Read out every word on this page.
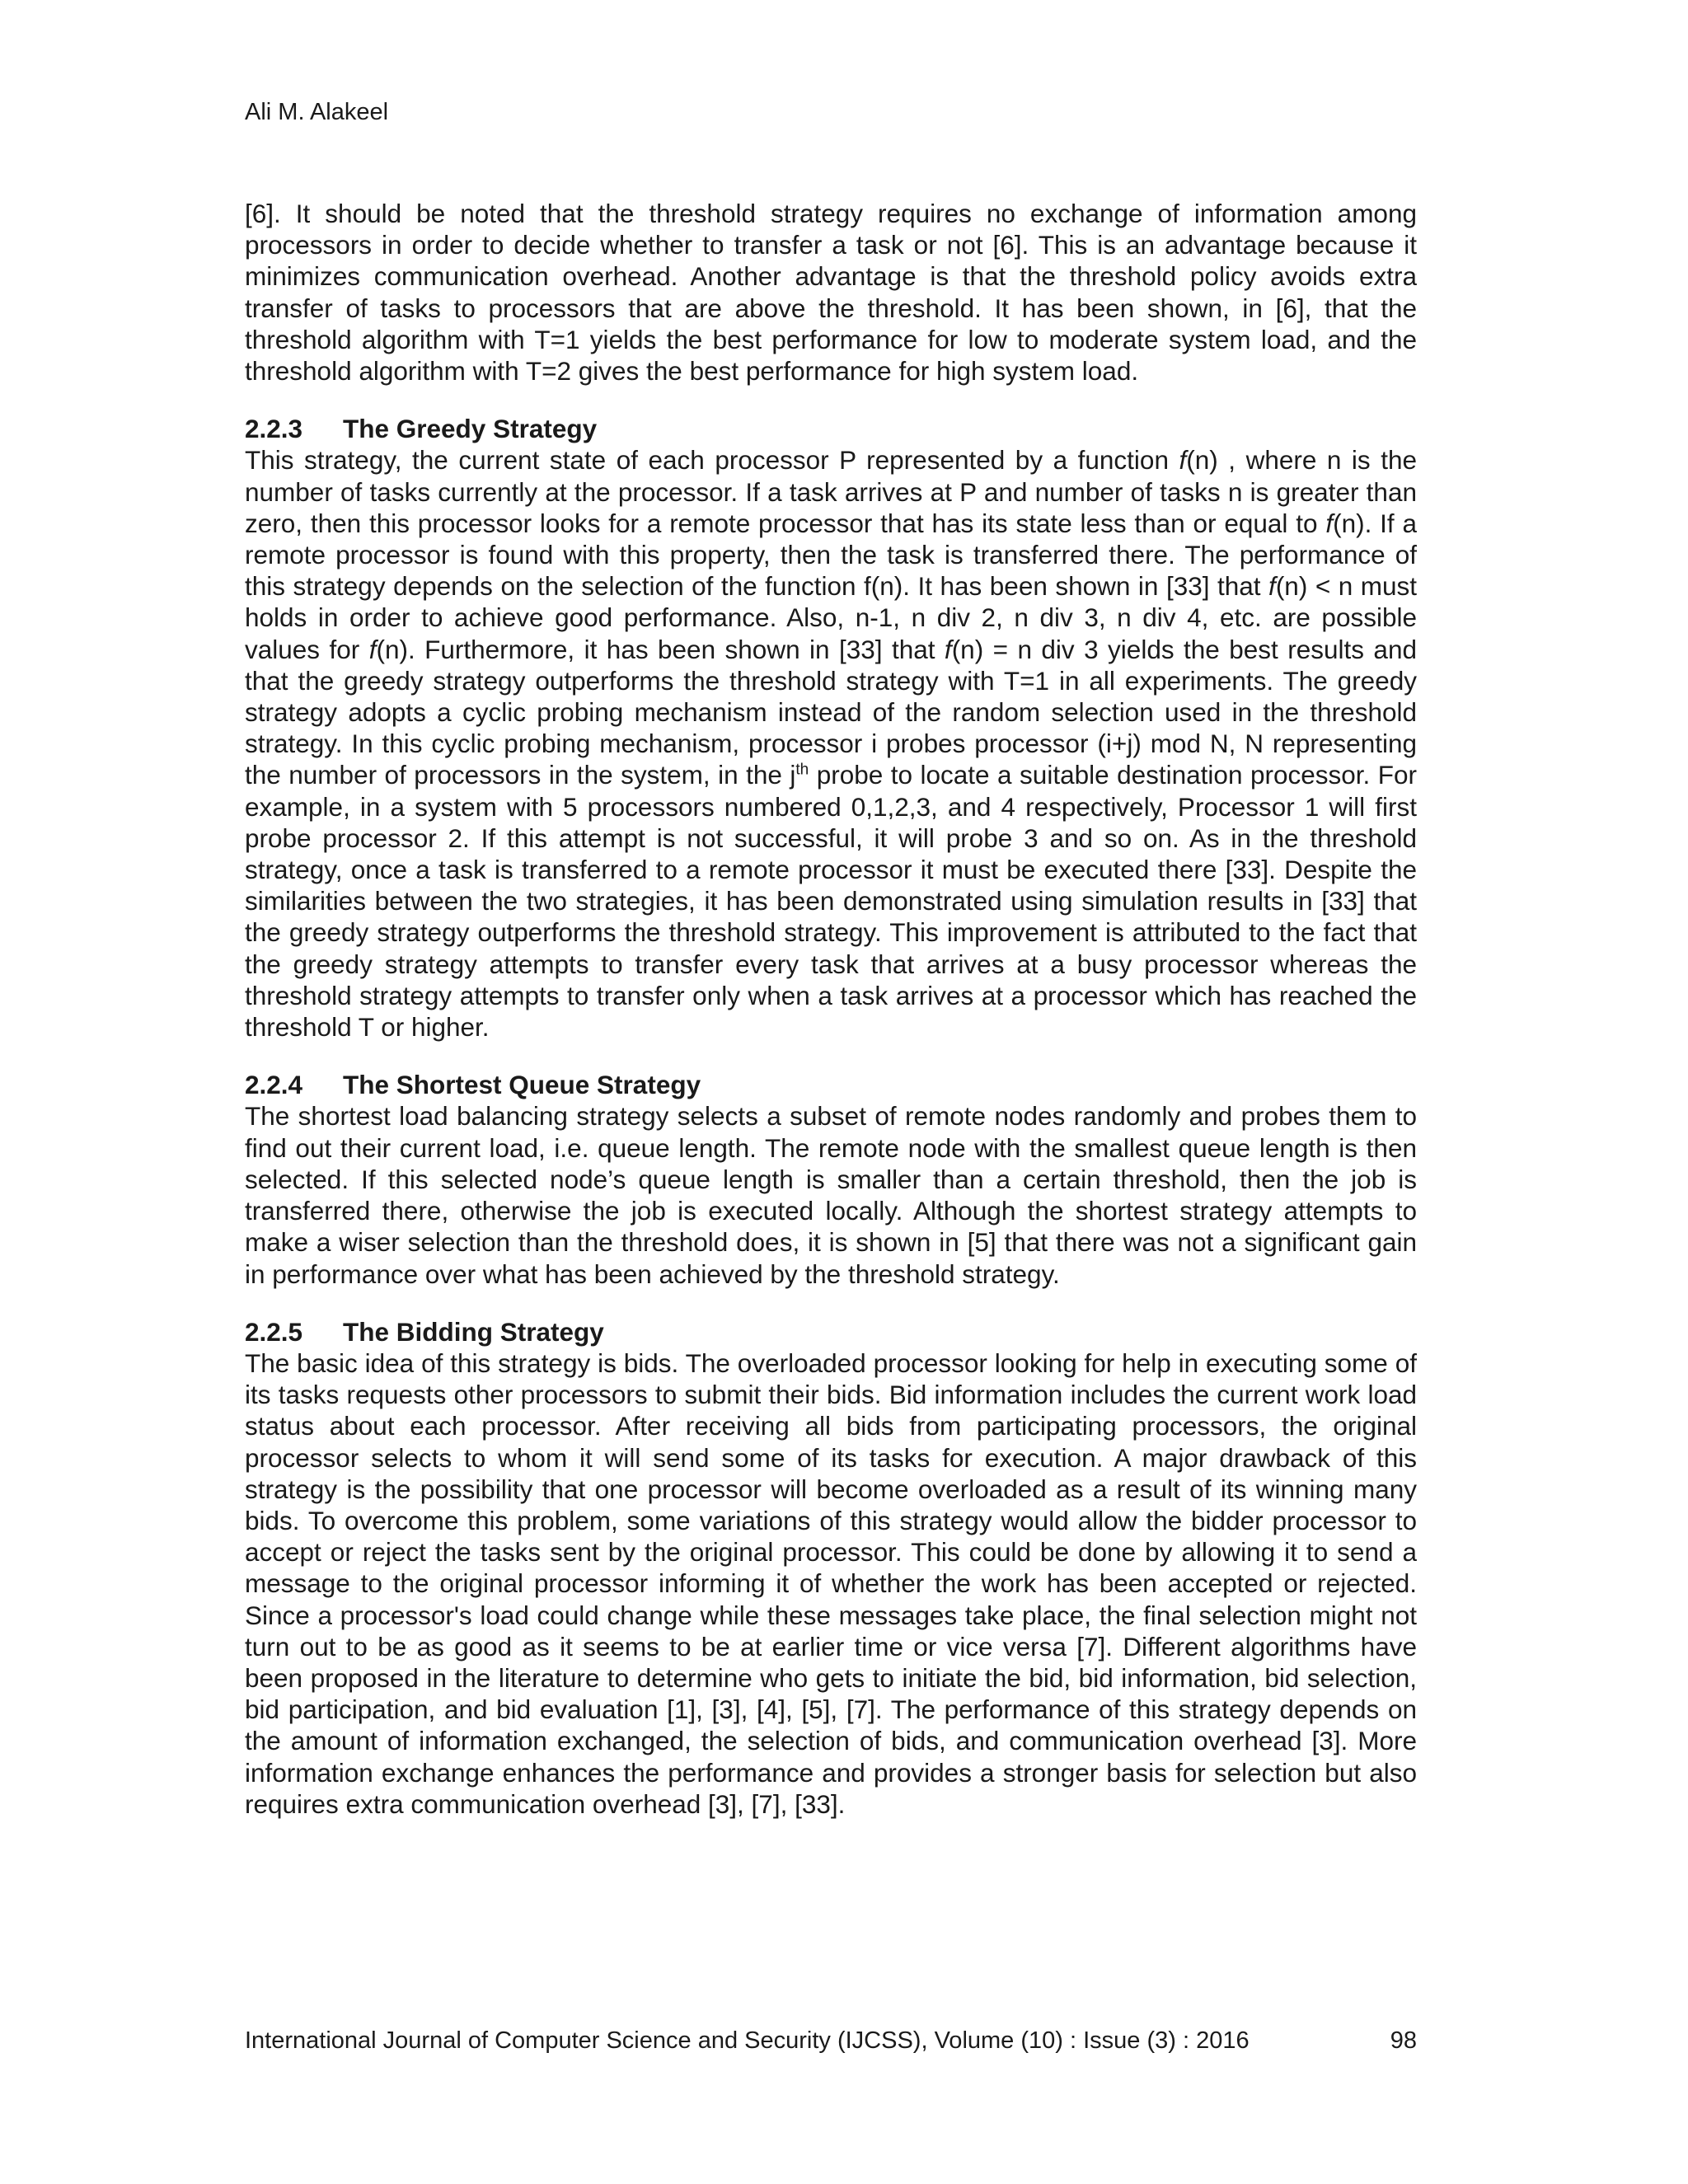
Ali M. Alakeel

[6]. It should be noted that the threshold strategy requires no exchange of information among processors in order to decide whether to transfer a task or not [6]. This is an advantage because it minimizes communication overhead. Another advantage is that the threshold policy avoids extra transfer of tasks to processors that are above the threshold. It has been shown, in [6], that the threshold algorithm with T=1 yields the best performance for low to moderate system load, and the threshold algorithm with T=2 gives the best performance for high system load.

2.2.3 The Greedy Strategy

This strategy, the current state of each processor P represented by a function f(n) , where n is the number of tasks currently at the processor. If a task arrives at P and number of tasks n is greater than zero, then this processor looks for a remote processor that has its state less than or equal to f(n). If a remote processor is found with this property, then the task is transferred there. The performance of this strategy depends on the selection of the function f(n). It has been shown in [33] that f(n) < n must holds in order to achieve good performance. Also, n-1, n div 2, n div 3, n div 4, etc. are possible values for f(n). Furthermore, it has been shown in [33] that f(n) = n div 3 yields the best results and that the greedy strategy outperforms the threshold strategy with T=1 in all experiments. The greedy strategy adopts a cyclic probing mechanism instead of the random selection used in the threshold strategy. In this cyclic probing mechanism, processor i probes processor (i+j) mod N, N representing the number of processors in the system, in the $j^{th}$ probe to locate a suitable destination processor. For example, in a system with 5 processors numbered 0,1,2,3, and 4 respectively, Processor 1 will first probe processor 2. If this attempt is not successful, it will probe 3 and so on. As in the threshold strategy, once a task is transferred to a remote processor it must be executed there [33]. Despite the similarities between the two strategies, it has been demonstrated using simulation results in [33] that the greedy strategy outperforms the threshold strategy. This improvement is attributed to the fact that the greedy strategy attempts to transfer every task that arrives at a busy processor whereas the threshold strategy attempts to transfer only when a task arrives at a processor which has reached the threshold T or higher.

2.2.4 The Shortest Queue Strategy

The shortest load balancing strategy selects a subset of remote nodes randomly and probes them to find out their current load, i.e. queue length. The remote node with the smallest queue length is then selected. If this selected node’s queue length is smaller than a certain threshold, then the job is transferred there, otherwise the job is executed locally. Although the shortest strategy attempts to make a wiser selection than the threshold does, it is shown in [5] that there was not a significant gain in performance over what has been achieved by the threshold strategy.

2.2.5 The Bidding Strategy

The basic idea of this strategy is bids. The overloaded processor looking for help in executing some of its tasks requests other processors to submit their bids. Bid information includes the current work load status about each processor. After receiving all bids from participating processors, the original processor selects to whom it will send some of its tasks for execution. A major drawback of this strategy is the possibility that one processor will become overloaded as a result of its winning many bids. To overcome this problem, some variations of this strategy would allow the bidder processor to accept or reject the tasks sent by the original processor. This could be done by allowing it to send a message to the original processor informing it of whether the work has been accepted or rejected. Since a processor's load could change while these messages take place, the final selection might not turn out to be as good as it seems to be at earlier time or vice versa [7]. Different algorithms have been proposed in the literature to determine who gets to initiate the bid, bid information, bid selection, bid participation, and bid evaluation [1], [3], [4], [5], [7]. The performance of this strategy depends on the amount of information exchanged, the selection of bids, and communication overhead [3]. More information exchange enhances the performance and provides a stronger basis for selection but also requires extra communication overhead [3], [7], [33].

International Journal of Computer Science and Security (IJCSS), Volume (10) : Issue (3) : 2016	98
